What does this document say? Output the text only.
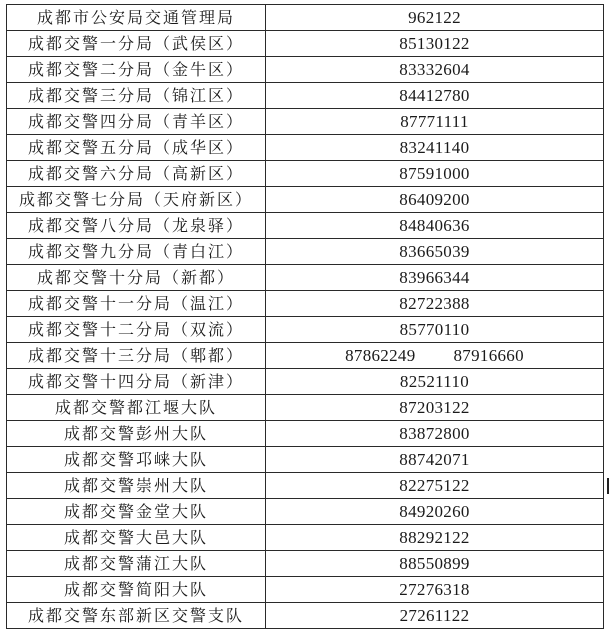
成都市公安局交通管理局	962122
成都交警一分局（武侯区）	85130122
成都交警二分局（金牛区）	83332604
成都交警三分局（锦江区）	84412780
成都交警四分局（青羊区）	87771111
成都交警五分局（成华区）	83241140
成都交警六分局（高新区）	87591000
成都交警七分局（天府新区）	86409200
成都交警八分局（龙泉驿）	84840636
成都交警九分局（青白江）	83665039
成都交警十分局（新都）	83966344
成都交警十一分局（温江）	82722388
成都交警十二分局（双流）	85770110
成都交警十三分局（郫都）	87862249 87916660
成都交警十四分局（新津）	82521110
成都交警都江堰大队	87203122
成都交警彭州大队	83872800
成都交警邛崃大队	88742071
成都交警崇州大队	82275122
成都交警金堂大队	84920260
成都交警大邑大队	88292122
成都交警蒲江大队	88550899
成都交警简阳大队	27276318
成都交警东部新区交警支队	27261122
